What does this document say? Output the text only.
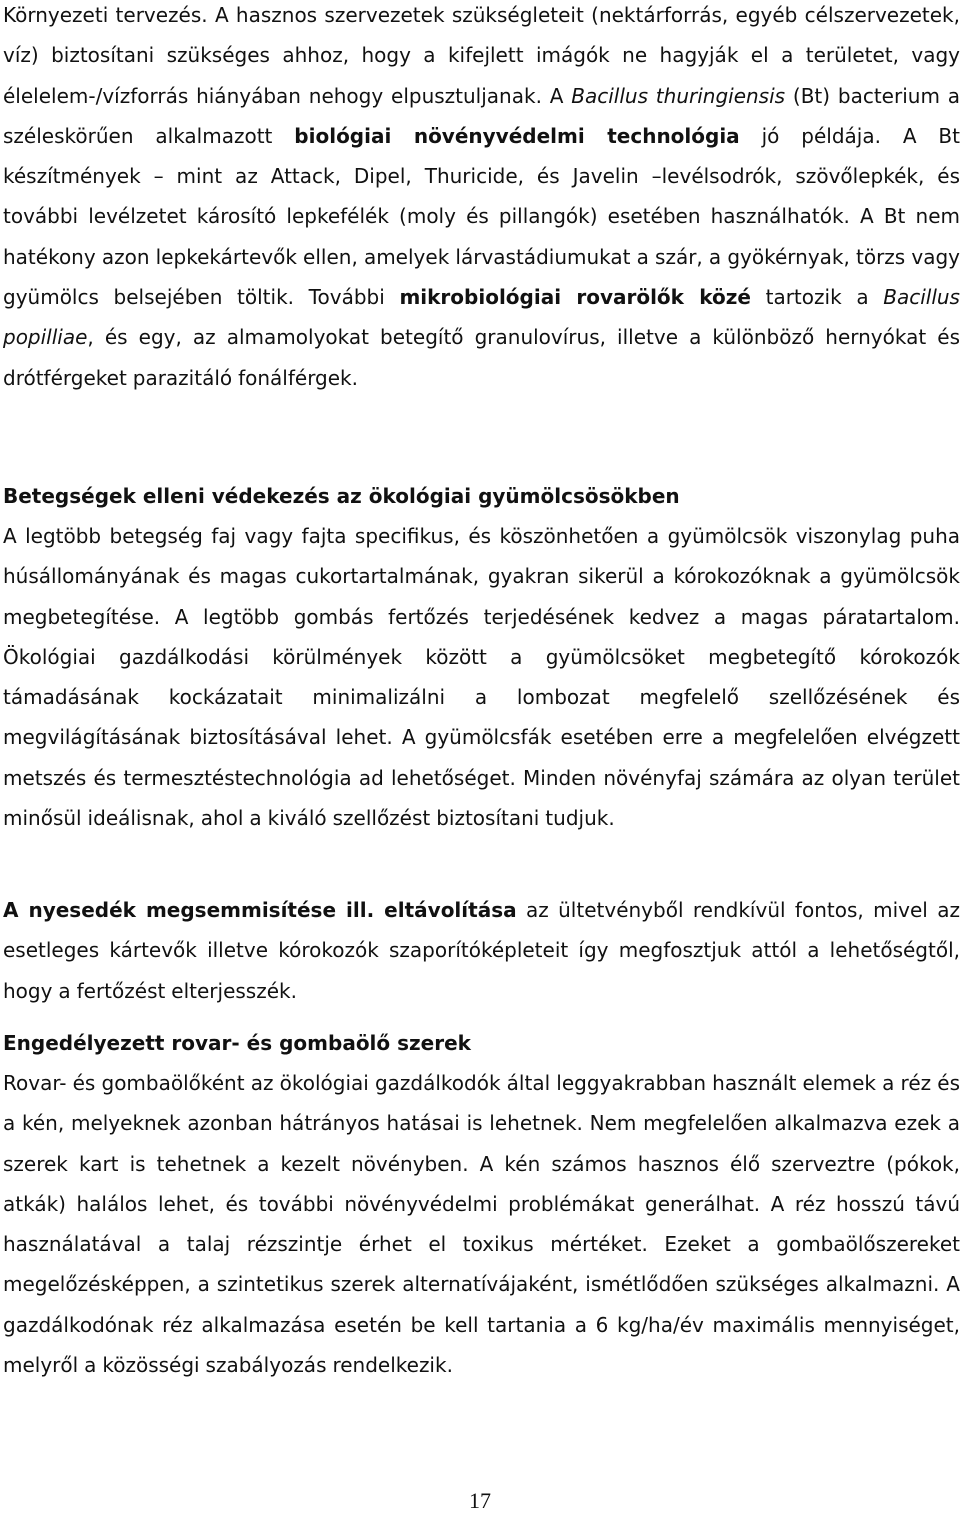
Környezeti tervezés. A hasznos szervezetek szükségleteit (nektárforrás, egyéb célszervezetek, víz) biztosítani szükséges ahhoz, hogy a kifejlett imágók ne hagyják el a területet, vagy élelelem-/vízforrás hiányában nehogy elpusztuljanak. A Bacillus thuringiensis (Bt) bacterium a széleskörűen alkalmazott biológiai növényvédelmi technológia jó példája. A Bt készítmények – mint az Attack, Dipel, Thuricide, és Javelin –levélsodrók, szövőlepkék, és további levélzetet károsító lepkefélék (moly és pillangók) esetében használhatók. A Bt nem hatékony azon lepkekártevők ellen, amelyek lárvastádiumukat a szár, a gyökérnyak, törzs vagy gyümölcs belsejében töltik. További mikrobiológiai rovarölők közé tartozik a Bacillus popilliae, és egy, az almamolyokat betegítő granulovírus, illetve a különböző hernyókat és drótférgeket parazitáló fonálférgek.

Betegségek elleni védekezés az ökológiai gyümölcsösökben

A legtöbb betegség faj vagy fajta specifikus, és köszönhetően a gyümölcsök viszonylag puha húsállományának és magas cukortartalmának, gyakran sikerül a kórokozóknak a gyümölcsök megbetegítése. A legtöbb gombás fertőzés terjedésének kedvez a magas páratartalom. Ökológiai gazdálkodási körülmények között a gyümölcsöket megbetegítő kórokozók támadásának kockázatait minimalizálni a lombozat megfelelő szellőzésének és megvilágításának biztosításával lehet. A gyümölcsfák esetében erre a megfelelően elvégzett metszés és termesztéstechnológia ad lehetőséget. Minden növényfaj számára az olyan terület minősül ideálisnak, ahol a kiváló szellőzést biztosítani tudjuk.

A nyesedék megsemmisítése ill. eltávolítása az ültetvényből rendkívül fontos, mivel az esetleges kártevők illetve kórokozók szaporítóképleteit így megfosztjuk attól a lehetőségtől, hogy a fertőzést elterjesszék.

Engedélyezett rovar- és gombaölő szerek

Rovar- és gombaölőként az ökológiai gazdálkodók által leggyakrabban használt elemek a réz és a kén, melyeknek azonban hátrányos hatásai is lehetnek. Nem megfelelően alkalmazva ezek a szerek kart is tehetnek a kezelt növényben. A kén számos hasznos élő szerveztre (pókok, atkák) halálos lehet, és további növényvédelmi problémákat generálhat. A réz hosszú távú használatával a talaj rézszintje érhet el toxikus mértéket. Ezeket a gombaölőszereket megelőzésképpen, a szintetikus szerek alternatívájaként, ismétlődően szükséges alkalmazni. A gazdálkodónak réz alkalmazása esetén be kell tartania a 6 kg/ha/év maximális mennyiséget, melyről a közösségi szabályozás rendelkezik.

17
